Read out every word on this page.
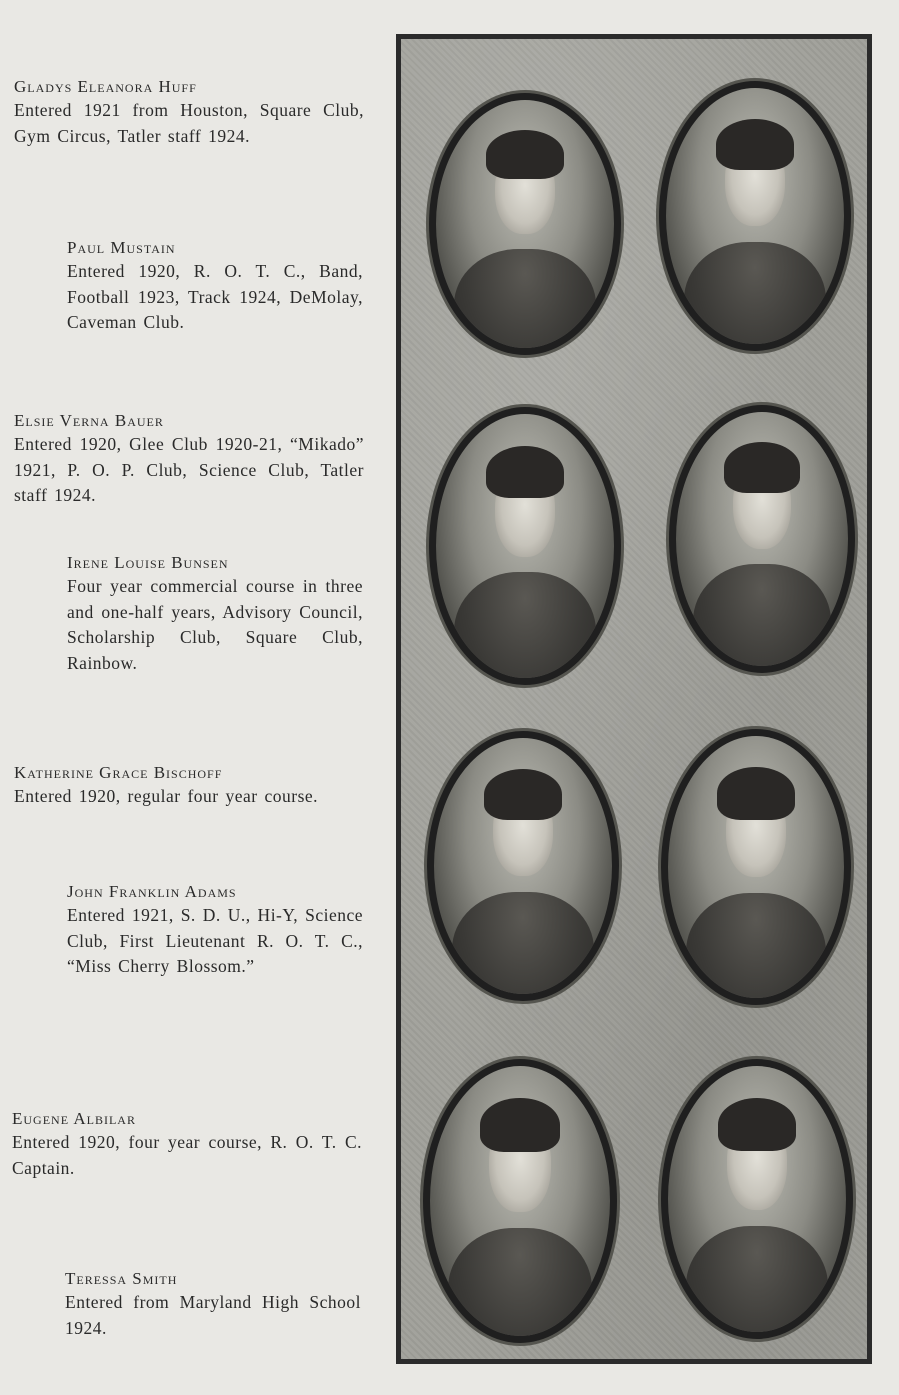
Gladys Eleanora Huff

Entered 1921 from Houston, Square Club, Gym Circus, Tatler staff 1924.

Paul Mustain

Entered 1920, R. O. T. C., Band, Football 1923, Track 1924, DeMolay, Caveman Club.

Elsie Verna Bauer

Entered 1920, Glee Club 1920-21, “Mikado” 1921, P. O. P. Club, Science Club, Tatler staff 1924.

Irene Louise Bunsen

Four year commercial course in three and one-half years, Advisory Council, Scholarship Club, Square Club, Rainbow.

Katherine Grace Bischoff

Entered 1920, regular four year course.

John Franklin Adams

Entered 1921, S. D. U., Hi-Y, Science Club, First Lieutenant R. O. T. C., “Miss Cherry Blossom.”

Eugene Albilar

Entered 1920, four year course, R. O. T. C. Captain.

Teressa Smith

Entered from Maryland High School 1924.
